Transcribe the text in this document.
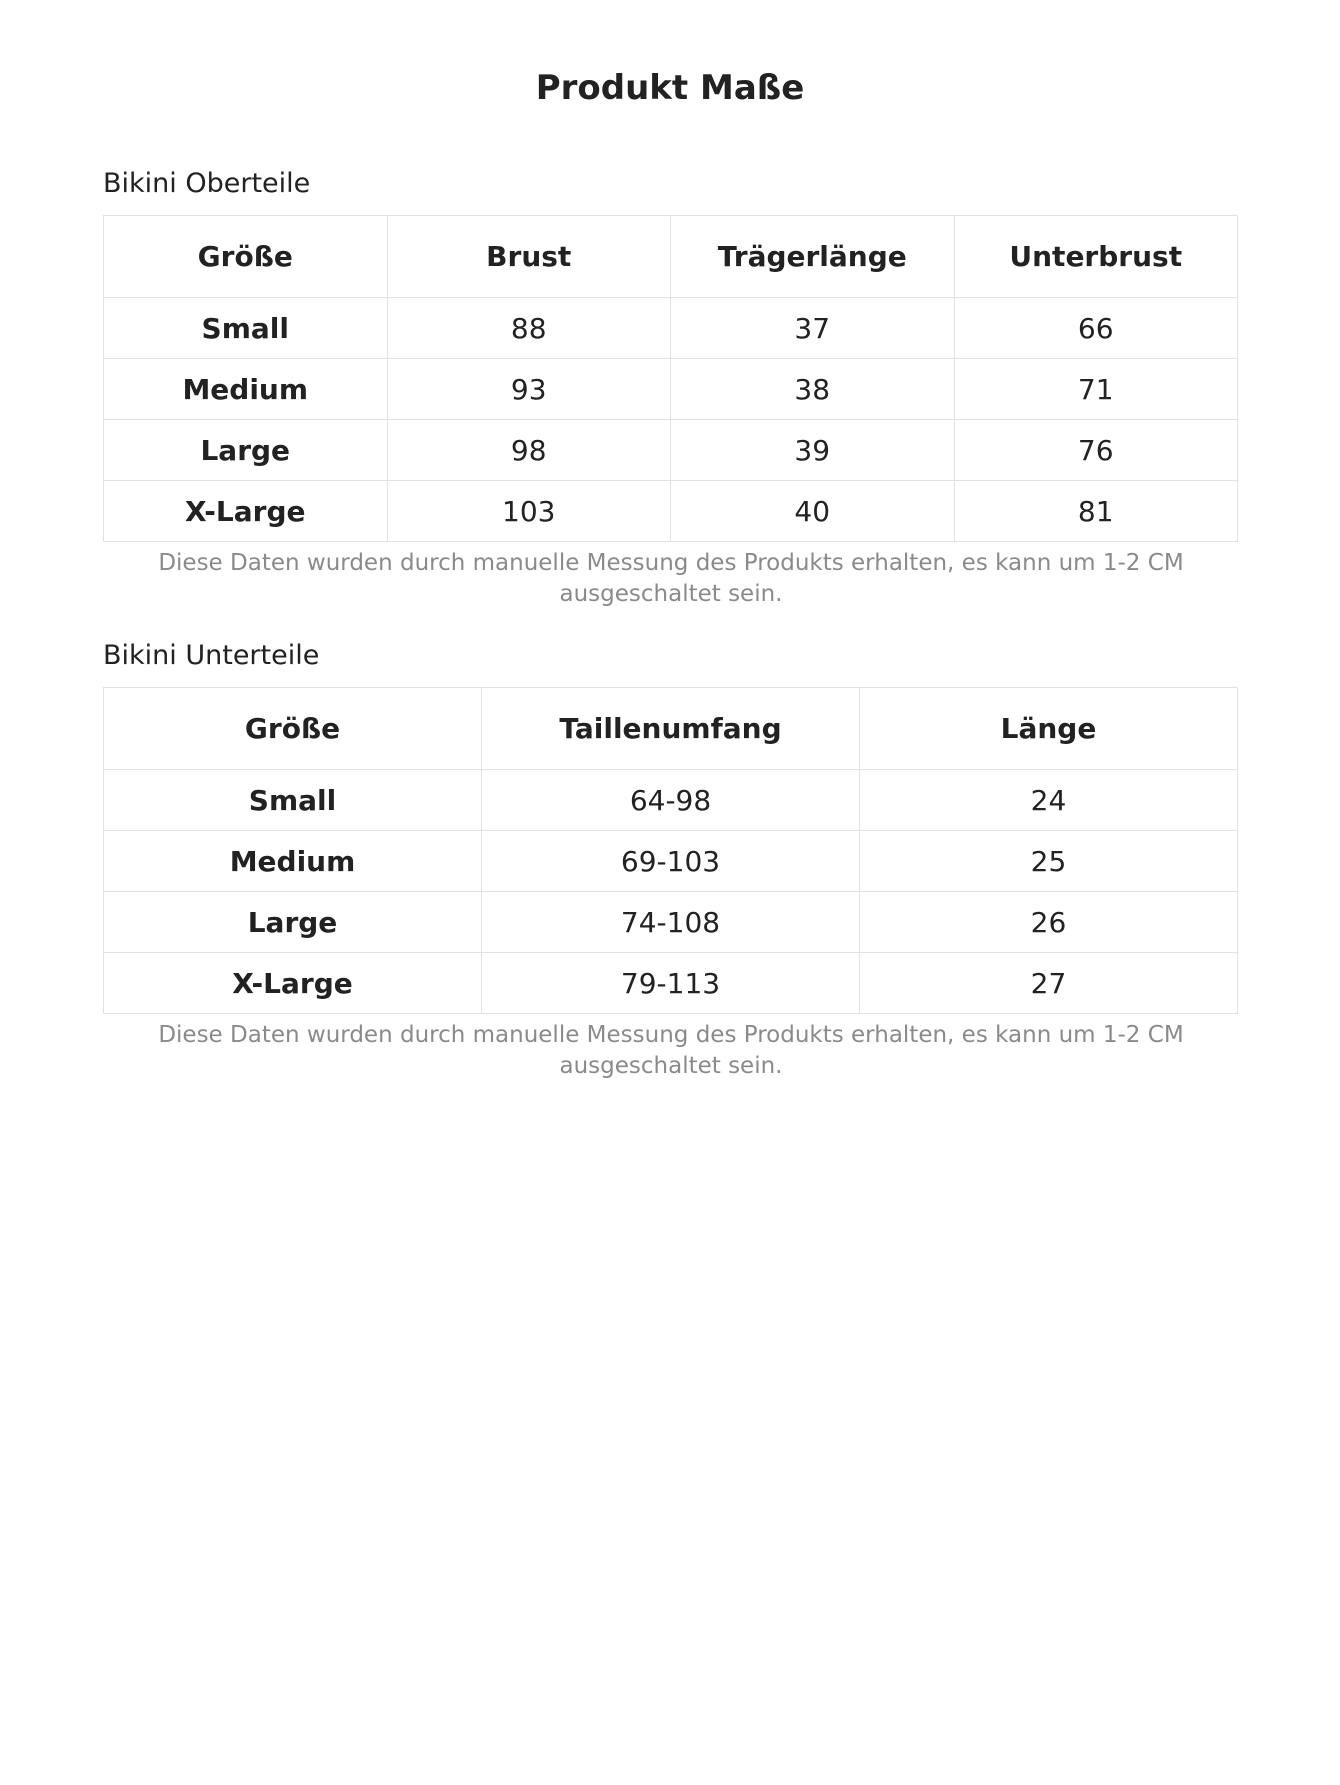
Produkt Maße
Bikini Oberteile
Größe	Brust	Trägerlänge	Unterbrust
Small	88	37	66
Medium	93	38	71
Large	98	39	76
X-Large	103	40	81
Diese Daten wurden durch manuelle Messung des Produkts erhalten, es kann um 1-2 CM ausgeschaltet sein.
Bikini Unterteile
Größe	Taillenumfang	Länge
Small	64-98	24
Medium	69-103	25
Large	74-108	26
X-Large	79-113	27
Diese Daten wurden durch manuelle Messung des Produkts erhalten, es kann um 1-2 CM ausgeschaltet sein.
